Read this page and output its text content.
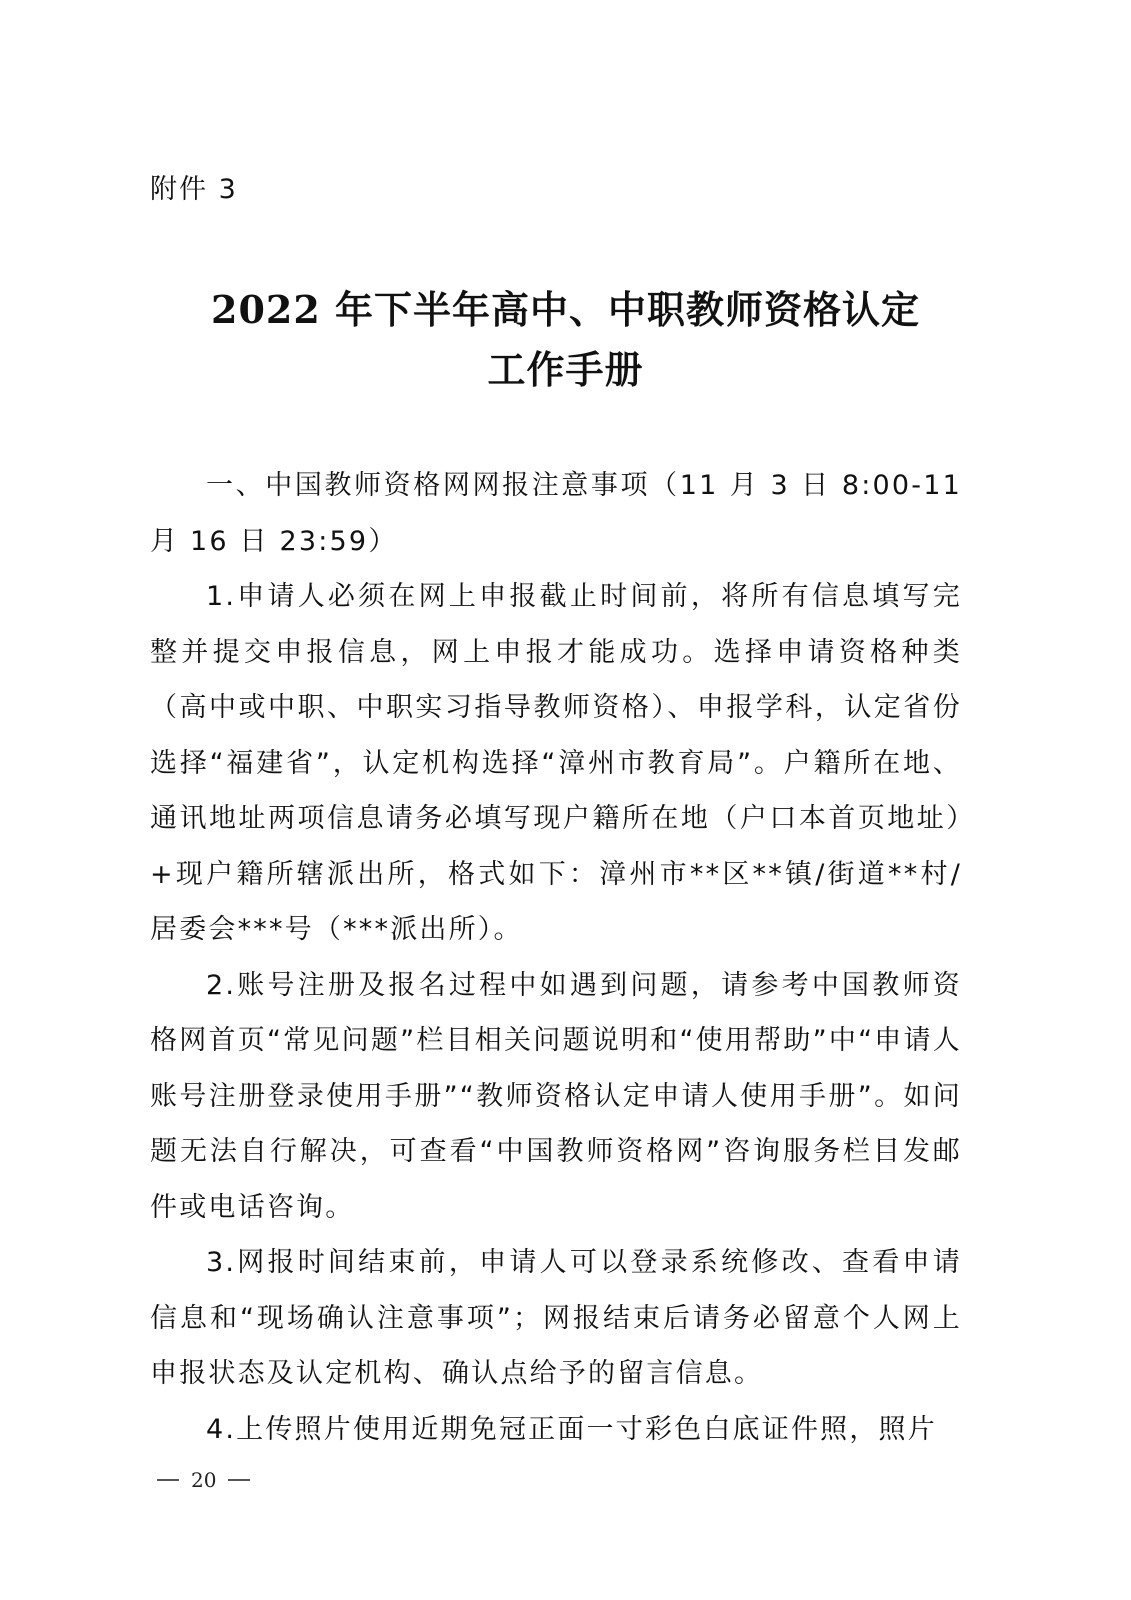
附件 3
2022 年下半年高中、中职教师资格认定
工作手册

一、中国教师资格网网报注意事项（11 月 3 日 8:00-11 月 16 日 23:59）

1.申请人必须在网上申报截止时间前，将所有信息填写完整并提交申报信息，网上申报才能成功。选择申请资格种类（高中或中职、中职实习指导教师资格）、申报学科，认定省份选择“福建省”，认定机构选择“漳州市教育局”。户籍所在地、通讯地址两项信息请务必填写现户籍所在地（户口本首页地址）+现户籍所辖派出所，格式如下：漳州市**区**镇/街道**村/居委会***号（***派出所）。

2.账号注册及报名过程中如遇到问题，请参考中国教师资格网首页“常见问题”栏目相关问题说明和“使用帮助”中“申请人账号注册登录使用手册”“教师资格认定申请人使用手册”。如问题无法自行解决，可查看“中国教师资格网”咨询服务栏目发邮件或电话咨询。

3.网报时间结束前，申请人可以登录系统修改、查看申请信息和“现场确认注意事项”；网报结束后请务必留意个人网上申报状态及认定机构、确认点给予的留言信息。

4.上传照片使用近期免冠正面一寸彩色白底证件照，照片

20
